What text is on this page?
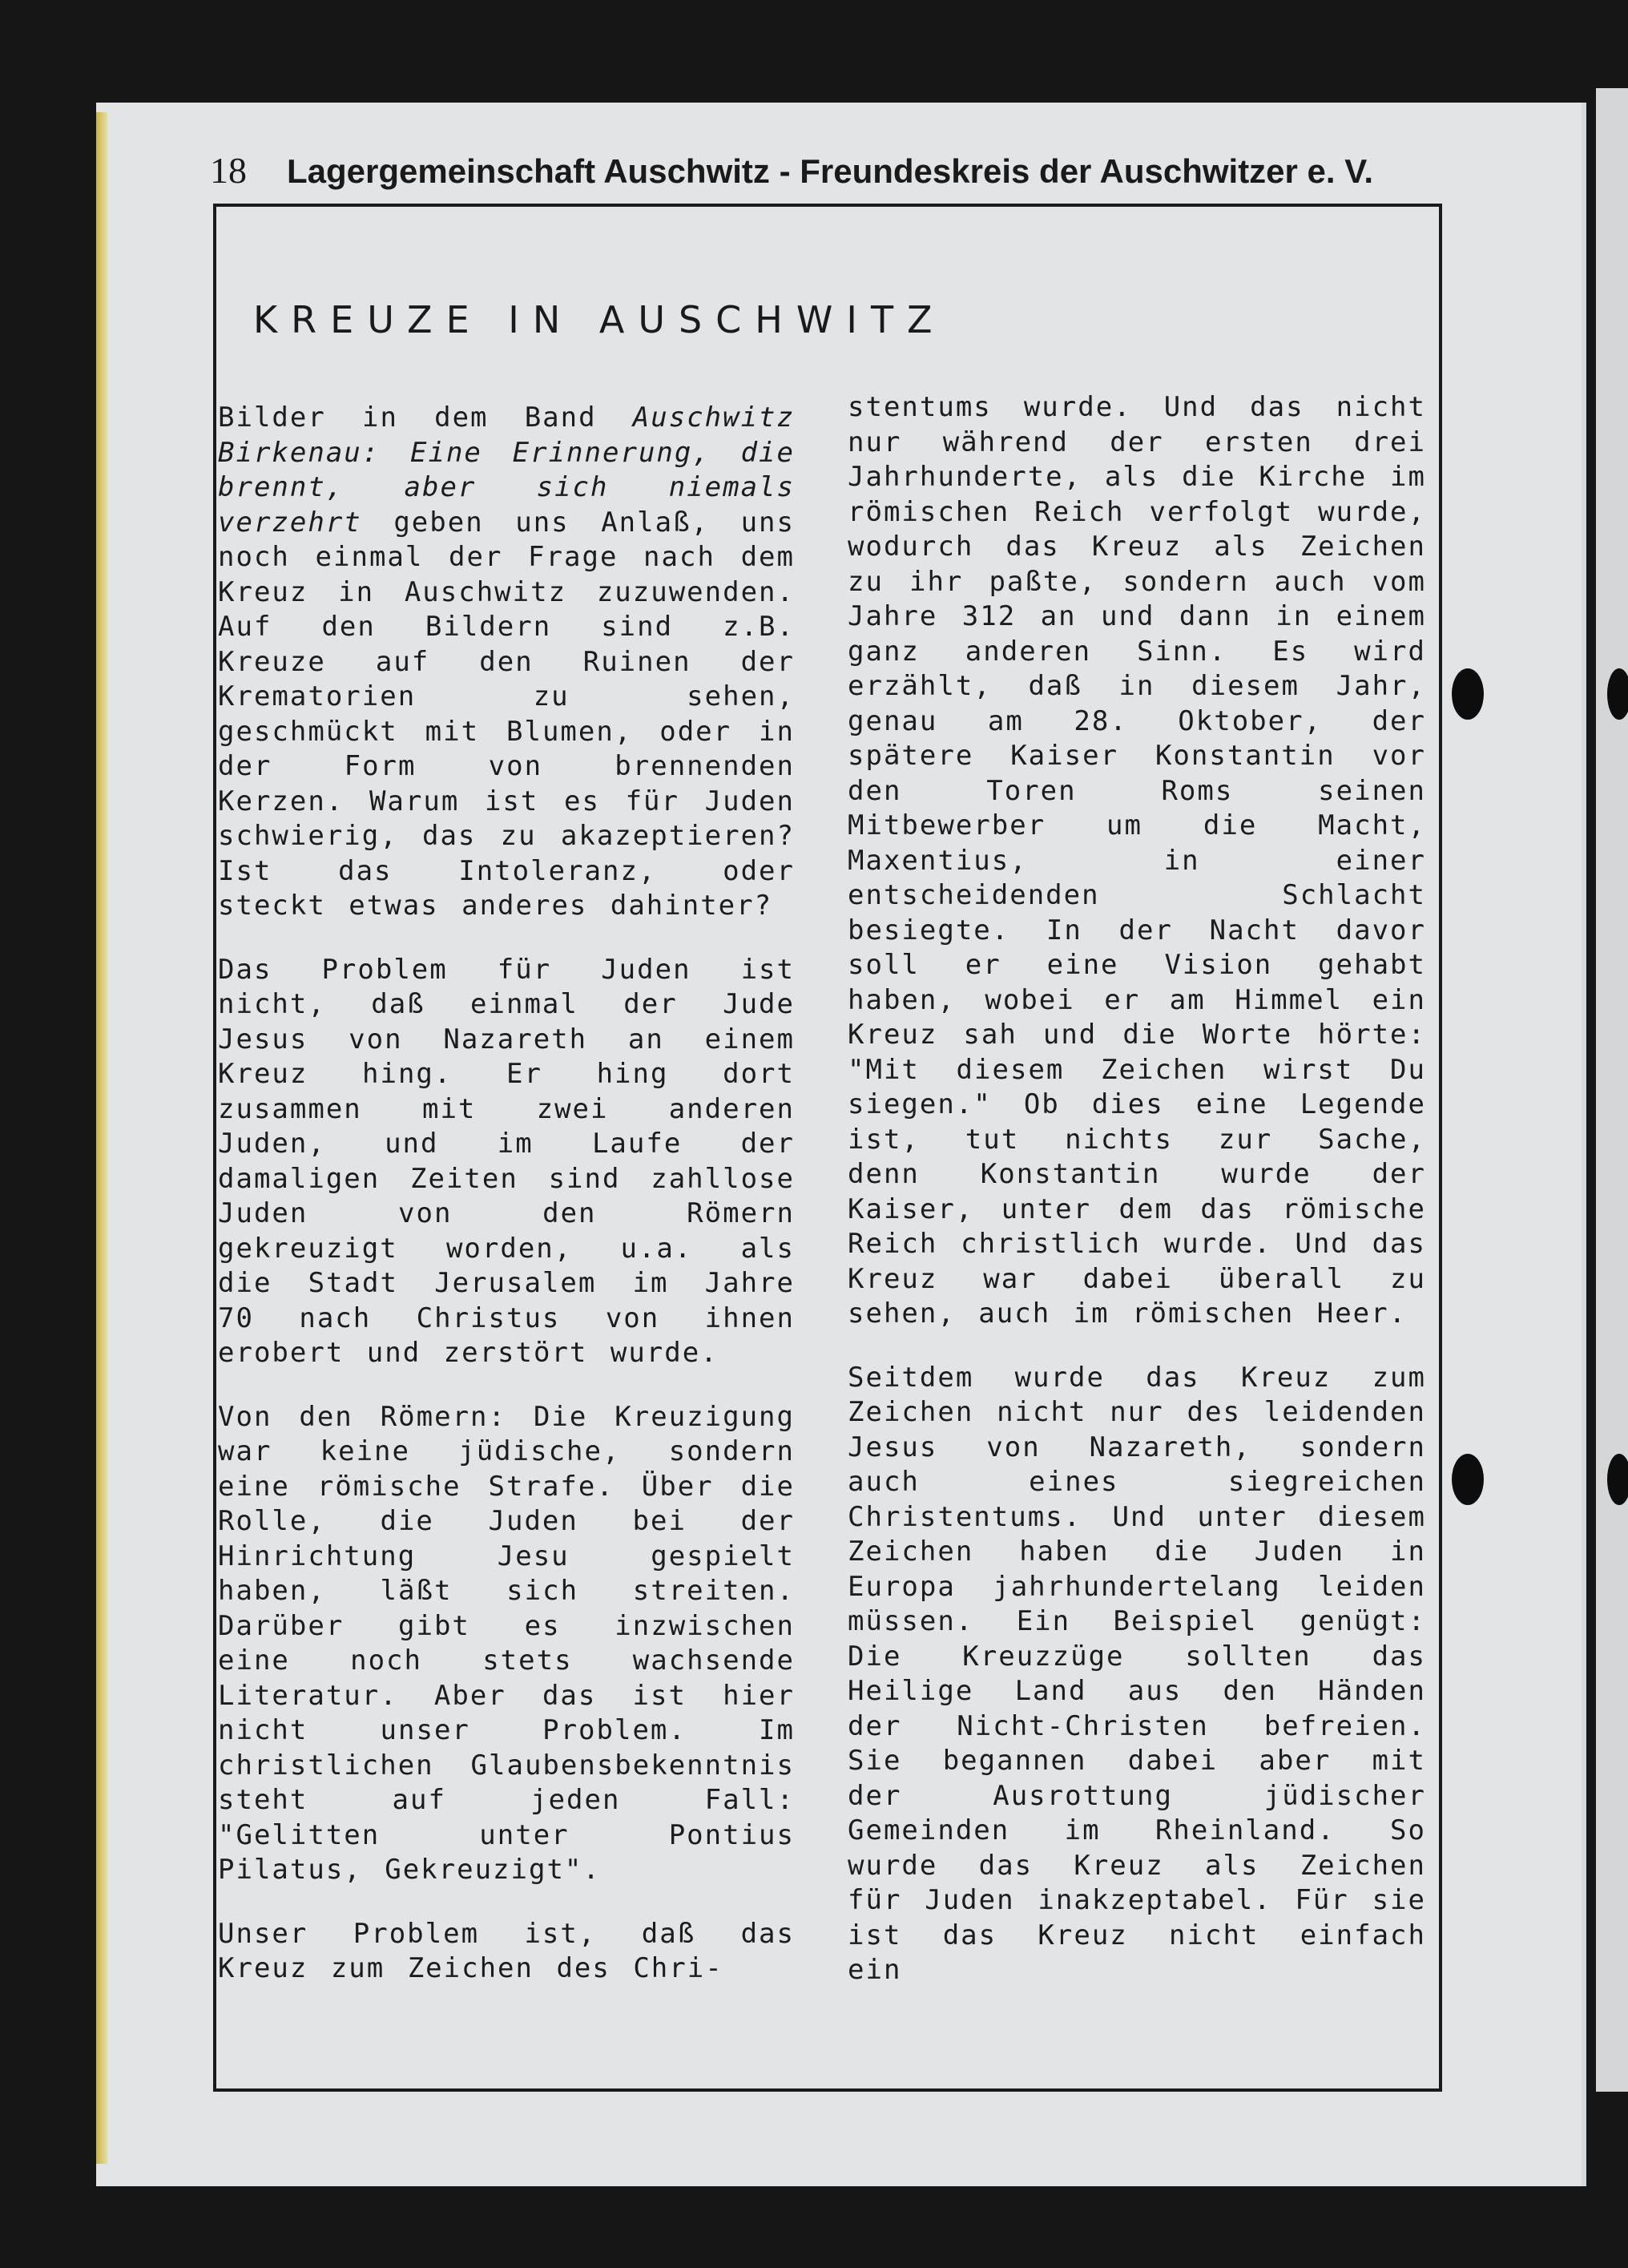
18 Lagergemeinschaft Auschwitz - Freundeskreis der Auschwitzer e. V.
KREUZE IN AUSCHWITZ

Bilder in dem Band Auschwitz Birkenau: Eine Erinnerung, die brennt, aber sich niemals verzehrt geben uns Anlaß, uns noch einmal der Frage nach dem Kreuz in Auschwitz zuzuwenden. Auf den Bildern sind z.B. Kreuze auf den Ruinen der Krematorien zu sehen, geschmückt mit Blumen, oder in der Form von brennenden Kerzen. Warum ist es für Juden schwierig, das zu akazeptieren? Ist das Intoleranz, oder steckt etwas anderes dahinter?

Das Problem für Juden ist nicht, daß einmal der Jude Jesus von Nazareth an einem Kreuz hing. Er hing dort zusammen mit zwei anderen Juden, und im Laufe der damaligen Zeiten sind zahllose Juden von den Römern gekreuzigt worden, u.a. als die Stadt Jerusalem im Jahre 70 nach Christus von ihnen erobert und zerstört wurde.

Von den Römern: Die Kreuzigung war keine jüdische, sondern eine römische Strafe. Über die Rolle, die Juden bei der Hinrichtung Jesu gespielt haben, läßt sich streiten. Darüber gibt es inzwischen eine noch stets wachsende Literatur. Aber das ist hier nicht unser Problem. Im christlichen Glaubensbekenntnis steht auf jeden Fall: "Gelitten unter Pontius Pilatus, Gekreuzigt".

Unser Problem ist, daß das Kreuz zum Zeichen des Chri-

stentums wurde. Und das nicht nur während der ersten drei Jahrhunderte, als die Kirche im römischen Reich verfolgt wurde, wodurch das Kreuz als Zeichen zu ihr paßte, sondern auch vom Jahre 312 an und dann in einem ganz anderen Sinn. Es wird erzählt, daß in diesem Jahr, genau am 28. Oktober, der spätere Kaiser Konstantin vor den Toren Roms seinen Mitbewerber um die Macht, Maxentius, in einer entscheidenden Schlacht besiegte. In der Nacht davor soll er eine Vision gehabt haben, wobei er am Himmel ein Kreuz sah und die Worte hörte: "Mit diesem Zeichen wirst Du siegen." Ob dies eine Legende ist, tut nichts zur Sache, denn Konstantin wurde der Kaiser, unter dem das römische Reich christlich wurde. Und das Kreuz war dabei überall zu sehen, auch im römischen Heer.

Seitdem wurde das Kreuz zum Zeichen nicht nur des leidenden Jesus von Nazareth, sondern auch eines siegreichen Christentums. Und unter diesem Zeichen haben die Juden in Europa jahrhundertelang leiden müssen. Ein Beispiel genügt: Die Kreuzzüge sollten das Heilige Land aus den Händen der Nicht-Christen befreien. Sie begannen dabei aber mit der Ausrottung jüdischer Gemeinden im Rheinland. So wurde das Kreuz als Zeichen für Juden inakzeptabel. Für sie ist das Kreuz nicht einfach ein
